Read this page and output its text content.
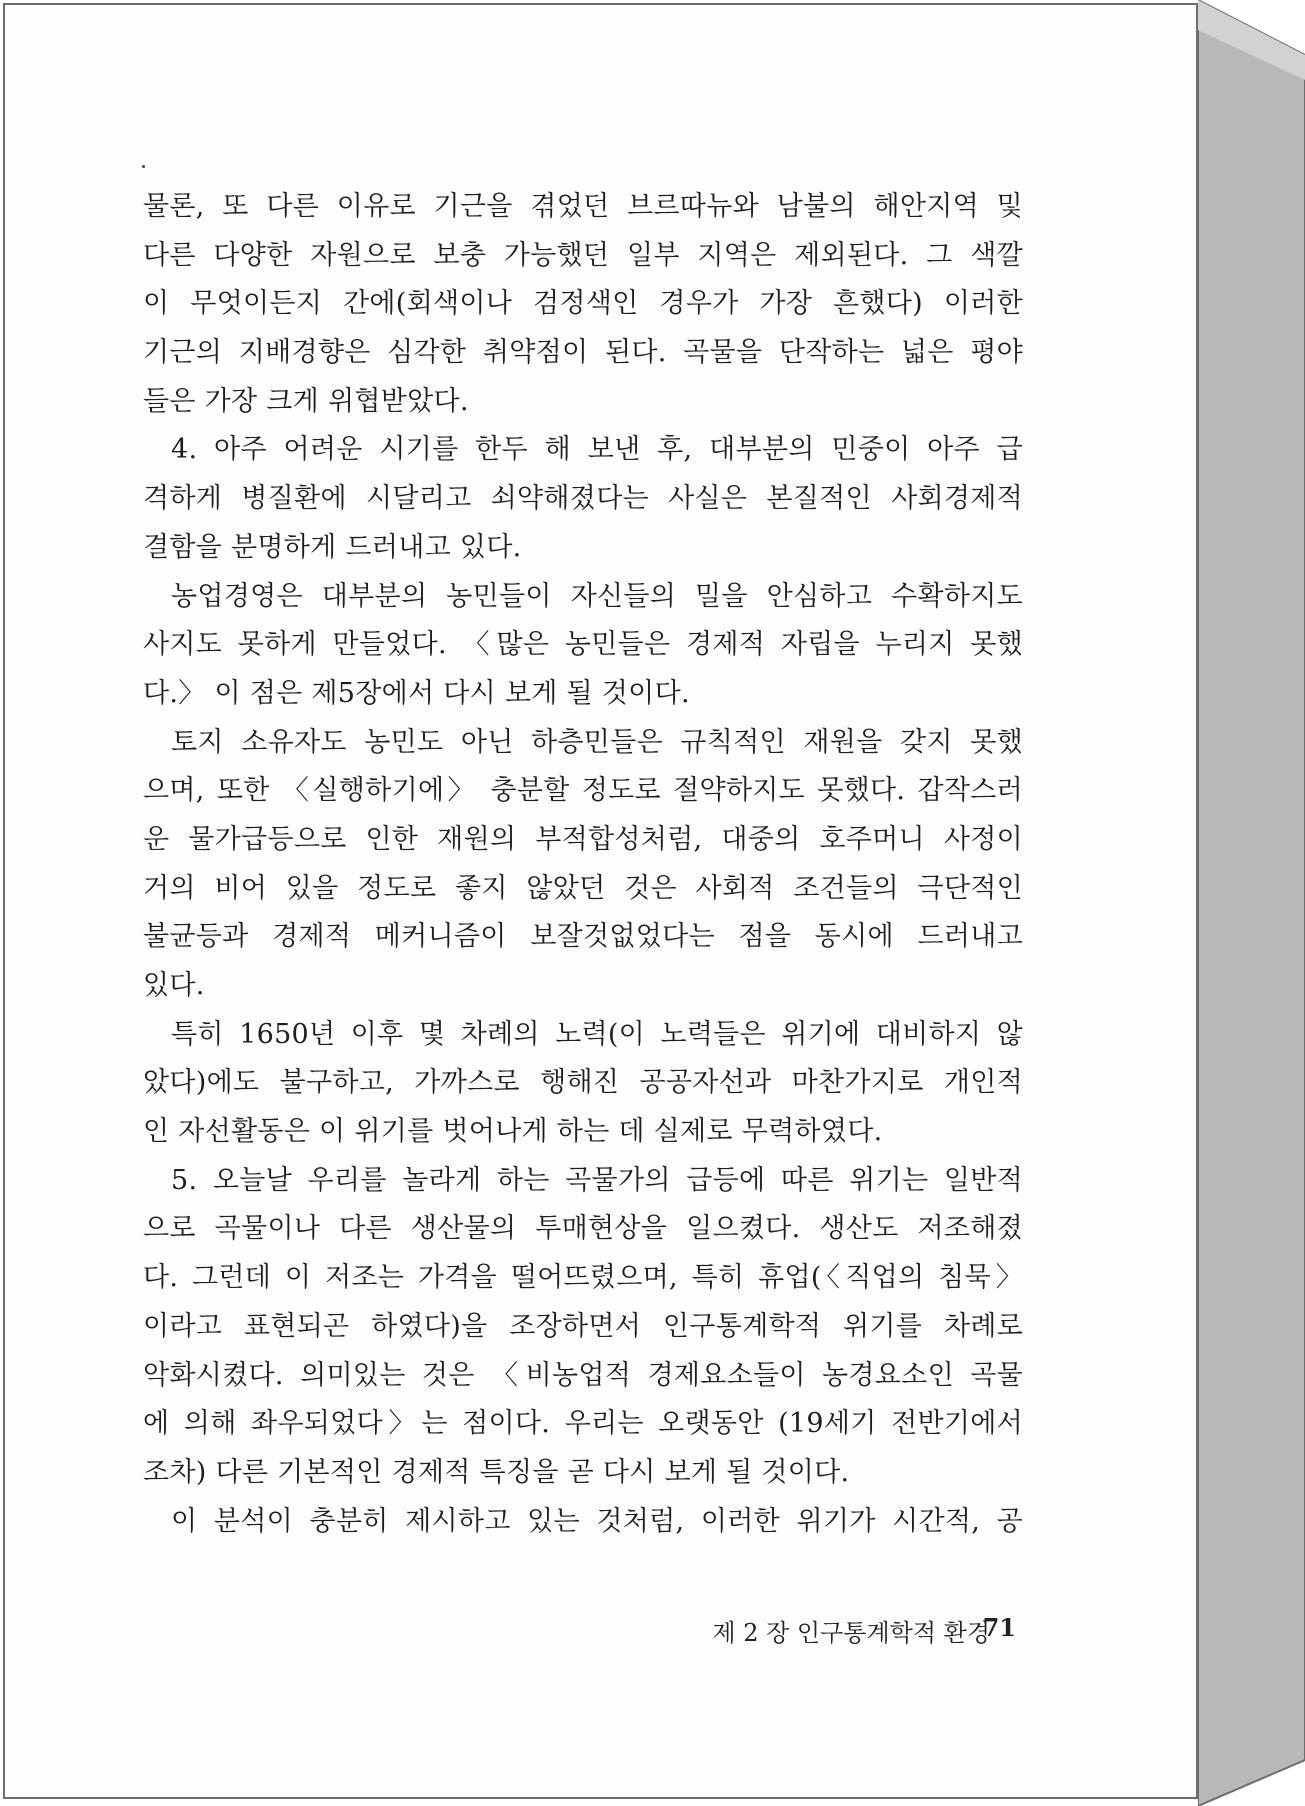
물론, 또 다른 이유로 기근을 겪었던 브르따뉴와 남불의 해안지역 및
다른 다양한 자원으로 보충 가능했던 일부 지역은 제외된다. 그 색깔
이 무엇이든지 간에(회색이나 검정색인 경우가 가장 흔했다) 이러한
기근의 지배경향은 심각한 취약점이 된다. 곡물을 단작하는 넓은 평야
들은 가장 크게 위협받았다.
4. 아주 어려운 시기를 한두 해 보낸 후, 대부분의 민중이 아주 급
격하게 병질환에 시달리고 쇠약해졌다는 사실은 본질적인 사회경제적
결함을 분명하게 드러내고 있다.
농업경영은 대부분의 농민들이 자신들의 밀을 안심하고 수확하지도
사지도 못하게 만들었다. 〈많은 농민들은 경제적 자립을 누리지 못했
다.〉 이 점은 제5장에서 다시 보게 될 것이다.
토지 소유자도 농민도 아닌 하층민들은 규칙적인 재원을 갖지 못했
으며, 또한 〈실행하기에〉 충분할 정도로 절약하지도 못했다. 갑작스러
운 물가급등으로 인한 재원의 부적합성처럼, 대중의 호주머니 사정이
거의 비어 있을 정도로 좋지 않았던 것은 사회적 조건들의 극단적인
불균등과 경제적 메커니즘이 보잘것없었다는 점을 동시에 드러내고
있다.
특히 1650년 이후 몇 차례의 노력(이 노력들은 위기에 대비하지 않
았다)에도 불구하고, 가까스로 행해진 공공자선과 마찬가지로 개인적
인 자선활동은 이 위기를 벗어나게 하는 데 실제로 무력하였다.
5. 오늘날 우리를 놀라게 하는 곡물가의 급등에 따른 위기는 일반적
으로 곡물이나 다른 생산물의 투매현상을 일으켰다. 생산도 저조해졌
다. 그런데 이 저조는 가격을 떨어뜨렸으며, 특히 휴업(〈직업의 침묵〉
이라고 표현되곤 하였다)을 조장하면서 인구통계학적 위기를 차례로
악화시켰다. 의미있는 것은 〈비농업적 경제요소들이 농경요소인 곡물
에 의해 좌우되었다〉는 점이다. 우리는 오랫동안 (19세기 전반기에서
조차) 다른 기본적인 경제적 특징을 곧 다시 보게 될 것이다.
이 분석이 충분히 제시하고 있는 것처럼, 이러한 위기가 시간적, 공
제 2 장 인구통계학적 환경
71
